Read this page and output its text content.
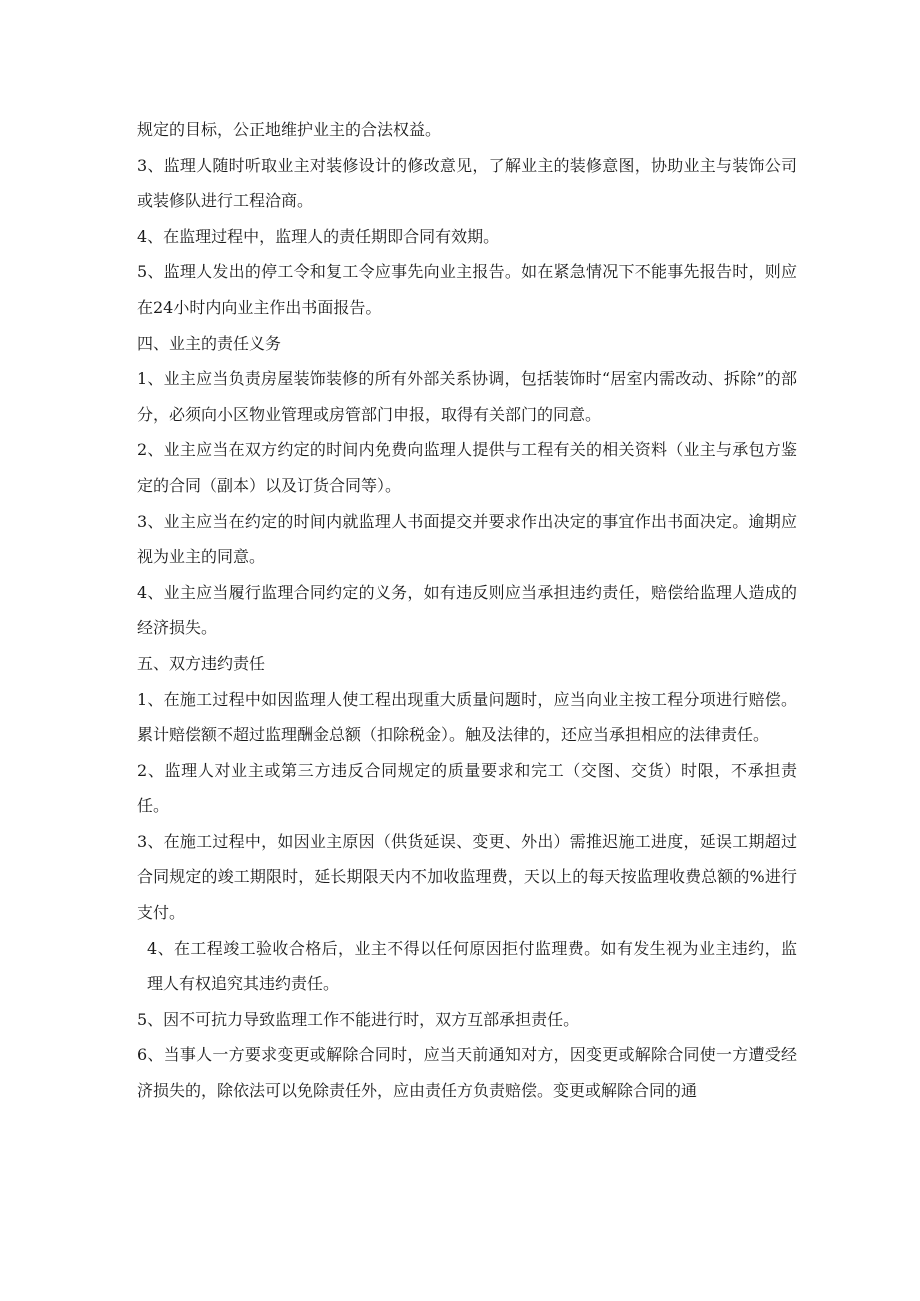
规定的目标，公正地维护业主的合法权益。

3、监理人随时听取业主对装修设计的修改意见，了解业主的装修意图，协助业主与装饰公司或装修队进行工程洽商。

4、在监理过程中，监理人的责任期即合同有效期。

5、监理人发出的停工令和复工令应事先向业主报告。如在紧急情况下不能事先报告时，则应在24小时内向业主作出书面报告。

四、业主的责任义务

1、业主应当负责房屋装饰装修的所有外部关系协调，包括装饰时“居室内需改动、拆除”的部分，必须向小区物业管理或房管部门申报，取得有关部门的同意。

2、业主应当在双方约定的时间内免费向监理人提供与工程有关的相关资料（业主与承包方鉴定的合同（副本）以及订货合同等）。

3、业主应当在约定的时间内就监理人书面提交并要求作出决定的事宜作出书面决定。逾期应视为业主的同意。

4、业主应当履行监理合同约定的义务，如有违反则应当承担违约责任，赔偿给监理人造成的经济损失。

五、双方违约责任

1、在施工过程中如因监理人使工程出现重大质量问题时，应当向业主按工程分项进行赔偿。累计赔偿额不超过监理酬金总额（扣除税金）。触及法律的，还应当承担相应的法律责任。

2、监理人对业主或第三方违反合同规定的质量要求和完工（交图、交货）时限，不承担责任。

3、在施工过程中，如因业主原因（供货延误、变更、外出）需推迟施工进度，延误工期超过合同规定的竣工期限时，延长期限天内不加收监理费，天以上的每天按监理收费总额的%进行支付。

4、在工程竣工验收合格后，业主不得以任何原因拒付监理费。如有发生视为业主违约，监理人有权追究其违约责任。

5、因不可抗力导致监理工作不能进行时，双方互部承担责任。

6、当事人一方要求变更或解除合同时，应当天前通知对方，因变更或解除合同使一方遭受经济损失的，除依法可以免除责任外，应由责任方负责赔偿。变更或解除合同的通
